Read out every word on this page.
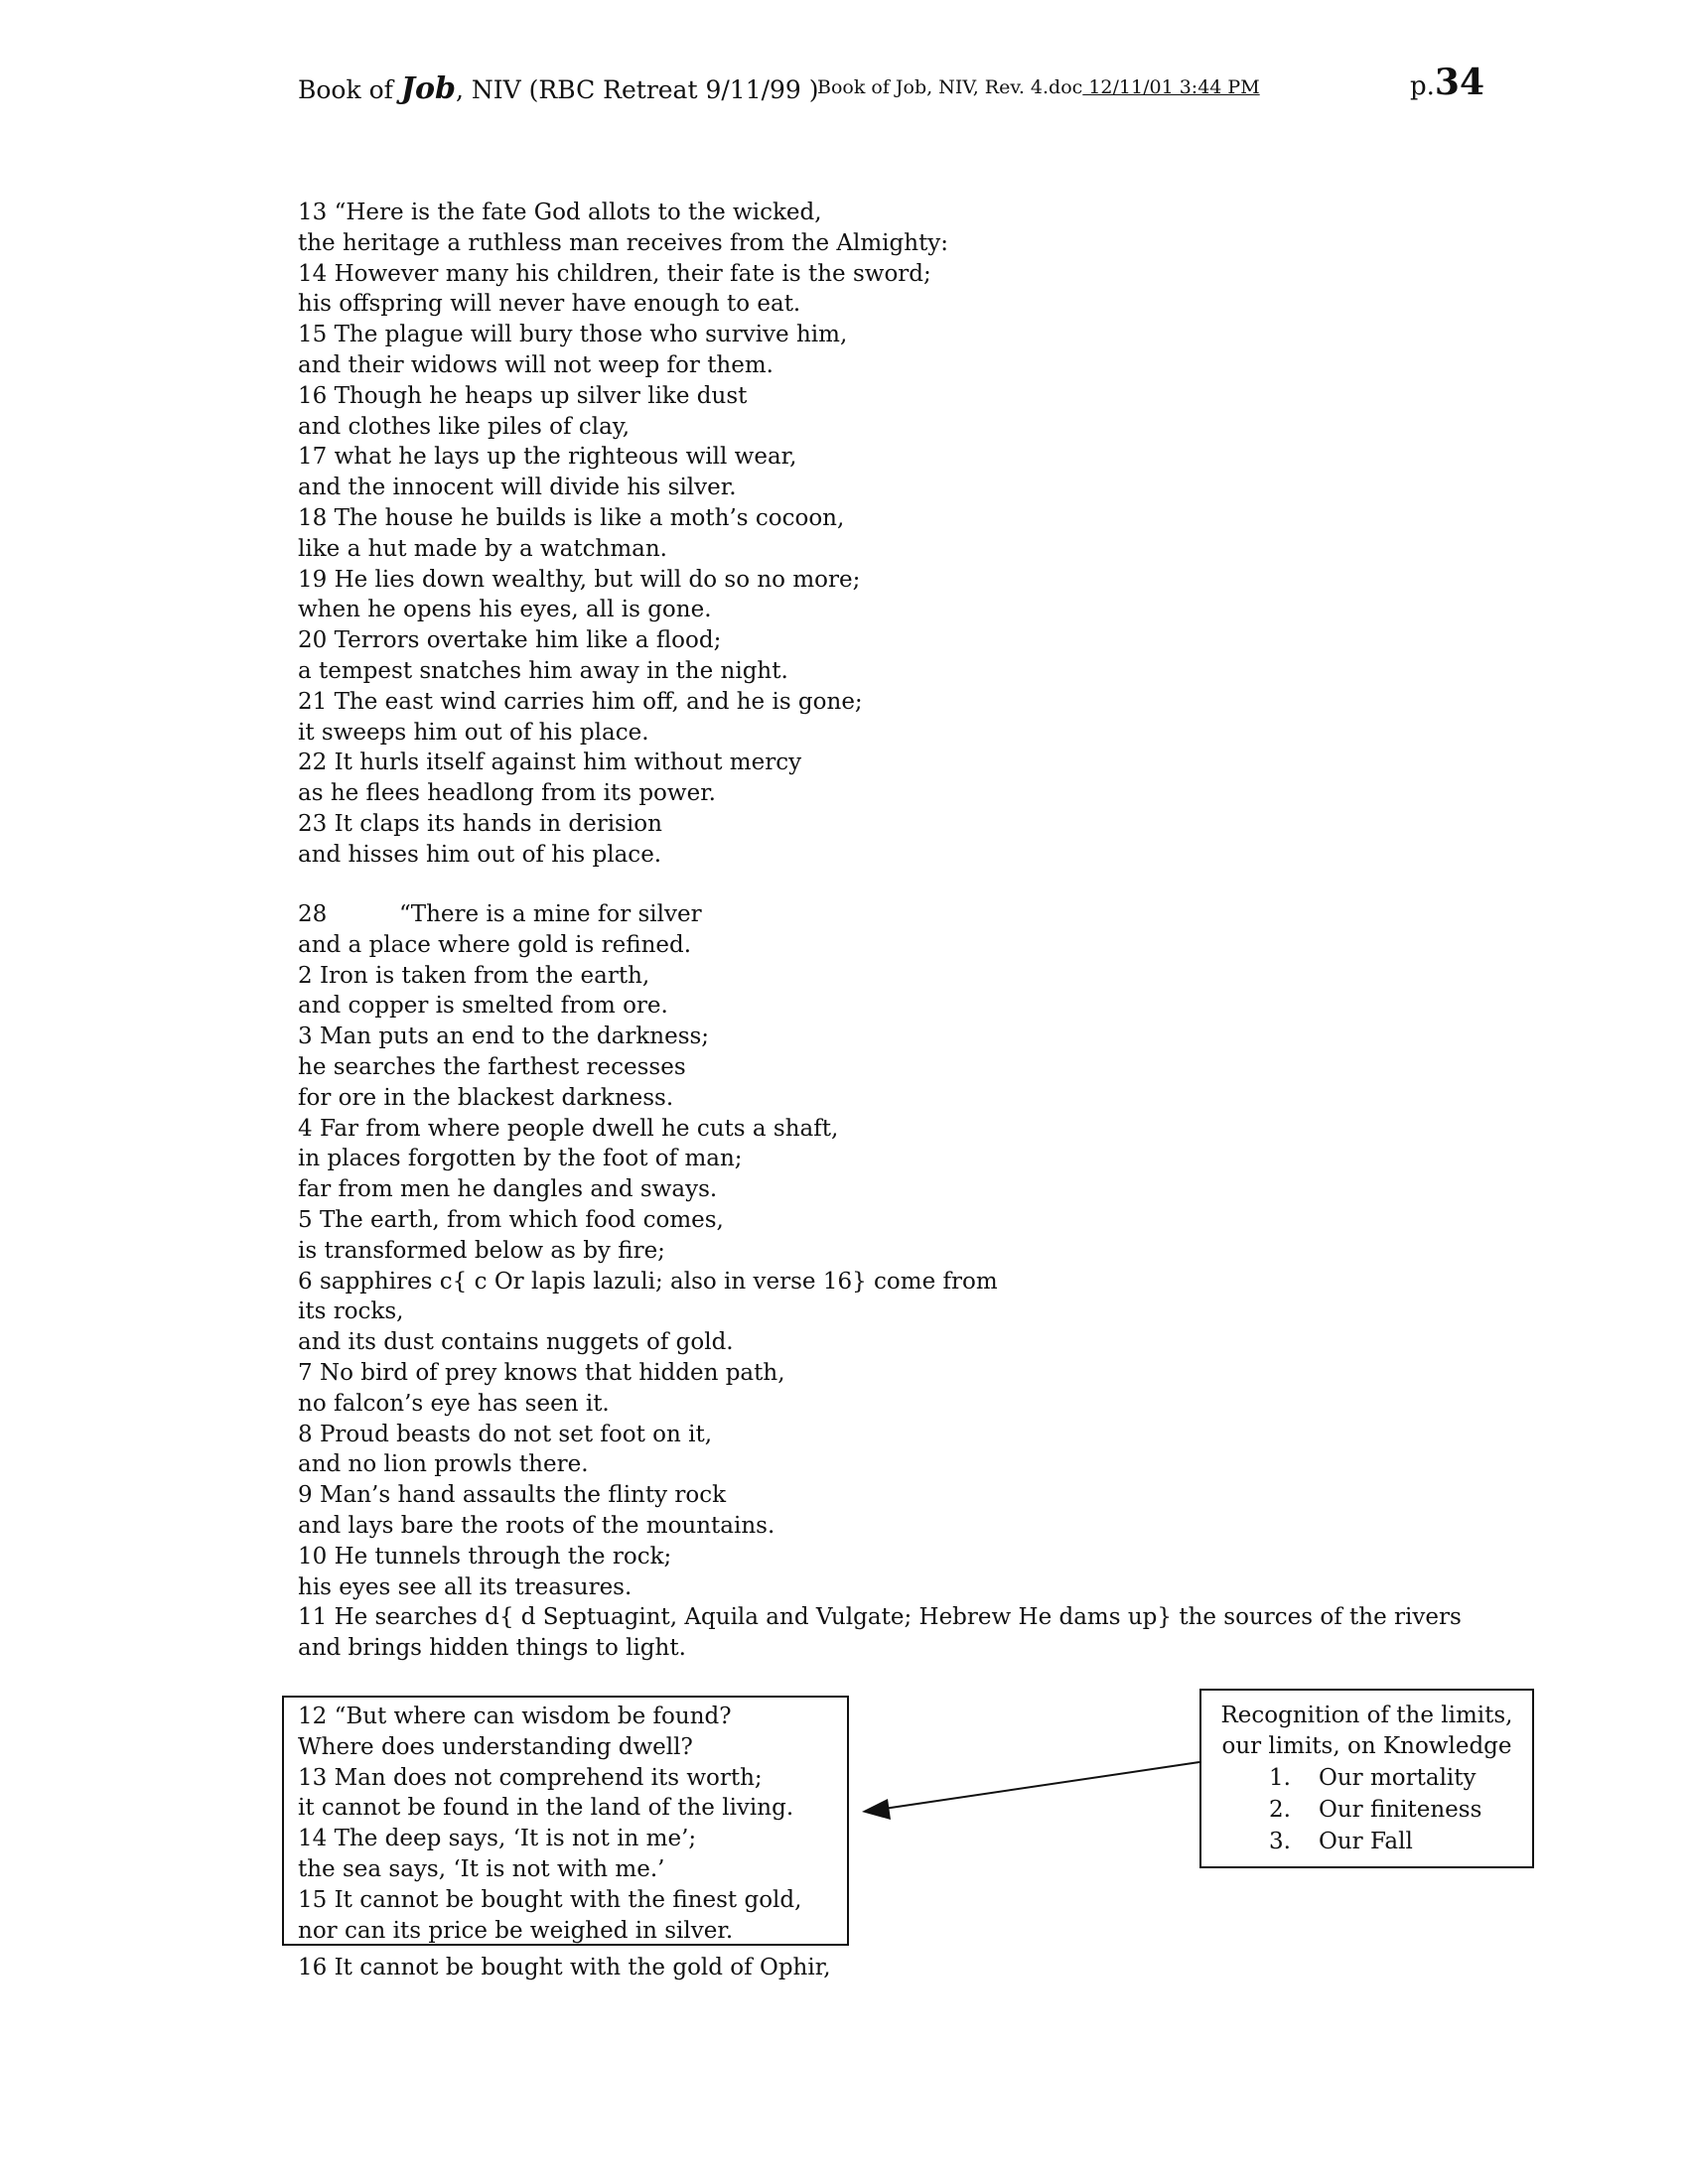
Book of Job, NIV (RBC Retreat 9/11/99 )
Book of Job, NIV, Rev. 4.doc 12/11/01 3:44 PM	p.34
13 “Here is the fate God allots to the wicked,
the heritage a ruthless man receives from the Almighty:
14 However many his children, their fate is the sword;
his offspring will never have enough to eat.
15 The plague will bury those who survive him,
and their widows will not weep for them.
16 Though he heaps up silver like dust
and clothes like piles of clay,
17 what he lays up the righteous will wear,
and the innocent will divide his silver.
18 The house he builds is like a moth’s cocoon,
like a hut made by a watchman.
19 He lies down wealthy, but will do so no more;
when he opens his eyes, all is gone.
20 Terrors overtake him like a flood;
a tempest snatches him away in the night.
21 The east wind carries him off, and he is gone;
it sweeps him out of his place.
22 It hurls itself against him without mercy
as he flees headlong from its power.
23 It claps its hands in derision
and hisses him out of his place.
28	“There is a mine for silver
and a place where gold is refined.
2 Iron is taken from the earth,
and copper is smelted from ore.
3 Man puts an end to the darkness;
he searches the farthest recesses
for ore in the blackest darkness.
4 Far from where people dwell he cuts a shaft,
in places forgotten by the foot of man;
far from men he dangles and sways.
5 The earth, from which food comes,
is transformed below as by fire;
6 sapphires c{ c Or lapis lazuli; also in verse 16} come from
its rocks,
and its dust contains nuggets of gold.
7 No bird of prey knows that hidden path,
no falcon’s eye has seen it.
8 Proud beasts do not set foot on it,
and no lion prowls there.
9 Man’s hand assaults the flinty rock
and lays bare the roots of the mountains.
10 He tunnels through the rock;
his eyes see all its treasures.
11 He searches d{ d Septuagint, Aquila and Vulgate; Hebrew He dams up} the sources of the rivers
and brings hidden things to light.
12 “But where can wisdom be found?
Where does understanding dwell?
13 Man does not comprehend its worth;
it cannot be found in the land of the living.
14 The deep says, ‘It is not in me’;
the sea says, ‘It is not with me.’
15 It cannot be bought with the finest gold,
nor can its price be weighed in silver.
16 It cannot be bought with the gold of Ophir,
Recognition of the limits,
our limits, on Knowledge
1. Our mortality
2. Our finiteness
3. Our Fall
